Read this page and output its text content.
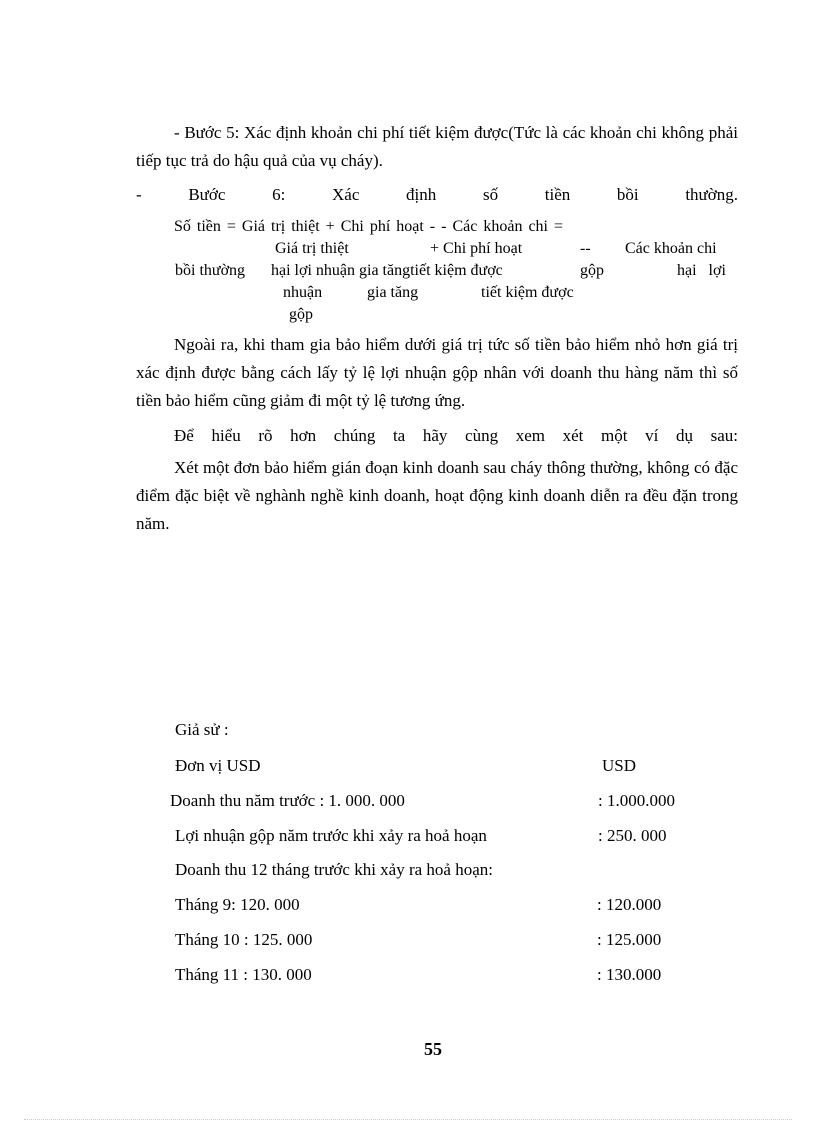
- Bước 5: Xác định khoản chi phí tiết kiệm được(Tức là các khoản chi không phải tiếp tục trả do hậu quả của vụ cháy).
- Bước 6: Xác định số tiền bồi thường.
Số tiền = Giá trị thiệt + Chi phí hoạt - - Các khoản chi =
Giá trị thiệt	+ Chi phí hoạt	-- Các khoản chi
bồi thường hại lợi nhuận gia tăngtiết kiệm được	gộp	hại lợi
nhuận	gia tăng	tiết kiệm được
gộp
Ngoài ra, khi tham gia bảo hiểm dưới giá trị tức số tiền bảo hiểm nhỏ hơn giá trị xác định được bằng cách lấy tỷ lệ lợi nhuận gộp nhân với doanh thu hàng năm thì số tiền bảo hiểm cũng giảm đi một tỷ lệ tương ứng.
Để hiểu rõ hơn chúng ta hãy cùng xem xét một ví dụ sau:
Xét một đơn bảo hiểm gián đoạn kinh doanh sau cháy thông thường, không có đặc điểm đặc biệt về nghành nghề kinh doanh, hoạt động kinh doanh diễn ra đều đặn trong năm.
Giả sử :
Đơn vị USD	USD
Doanh thu năm trước : 1. 000. 000	: 1.000.000
Lợi nhuận gộp năm trước khi xảy ra hoả hoạn	: 250. 000
Doanh thu 12 tháng trước khi xảy ra hoả hoạn:
Tháng 9: 120. 000	: 120.000
Tháng 10 : 125. 000	: 125.000
Tháng 11 : 130. 000	: 130.000
55
